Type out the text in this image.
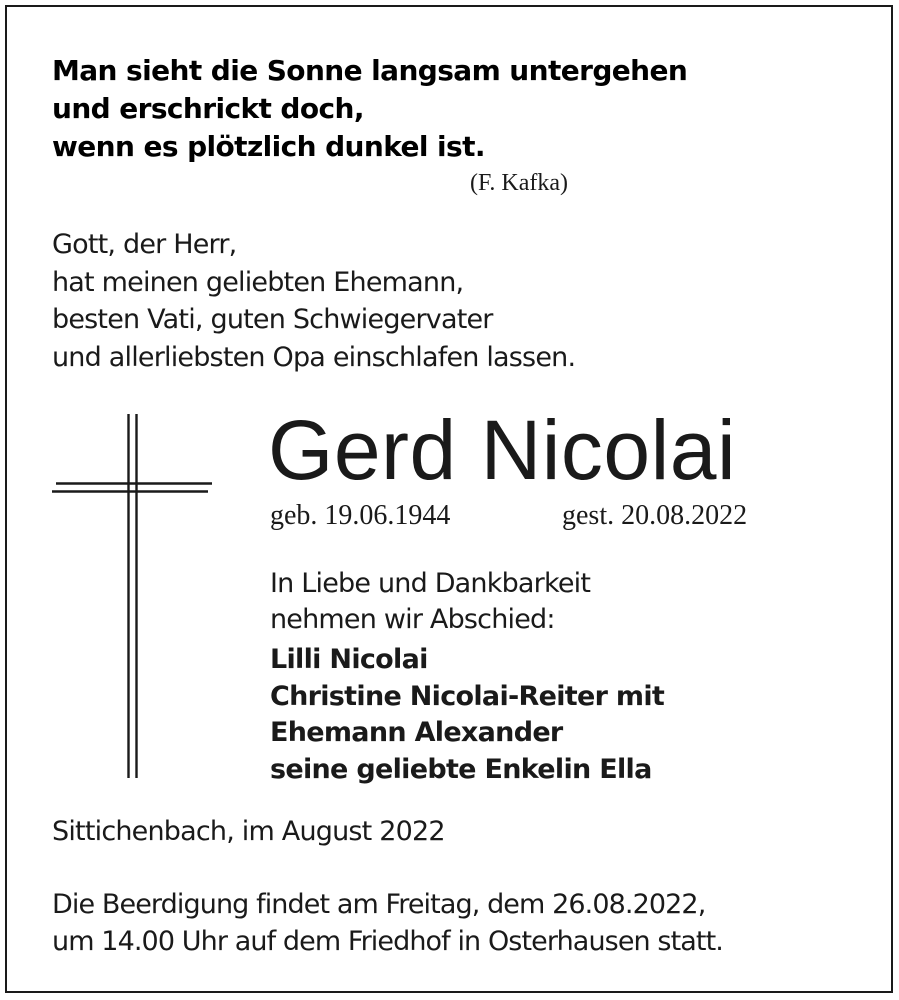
Man sieht die Sonne langsam untergehen
und erschrickt doch,
wenn es plötzlich dunkel ist.
(F. Kafka)
Gott, der Herr,
hat meinen geliebten Ehemann,
besten Vati, guten Schwiegervater
und allerliebsten Opa einschlafen lassen.
Gerd Nicolai
geb. 19.06.1944	gest. 20.08.2022
In Liebe und Dankbarkeit
nehmen wir Abschied:
Lilli Nicolai
Christine Nicolai-Reiter mit
Ehemann Alexander
seine geliebte Enkelin Ella
Sittichenbach, im August 2022
Die Beerdigung findet am Freitag, dem 26.08.2022,
um 14.00 Uhr auf dem Friedhof in Osterhausen statt.
